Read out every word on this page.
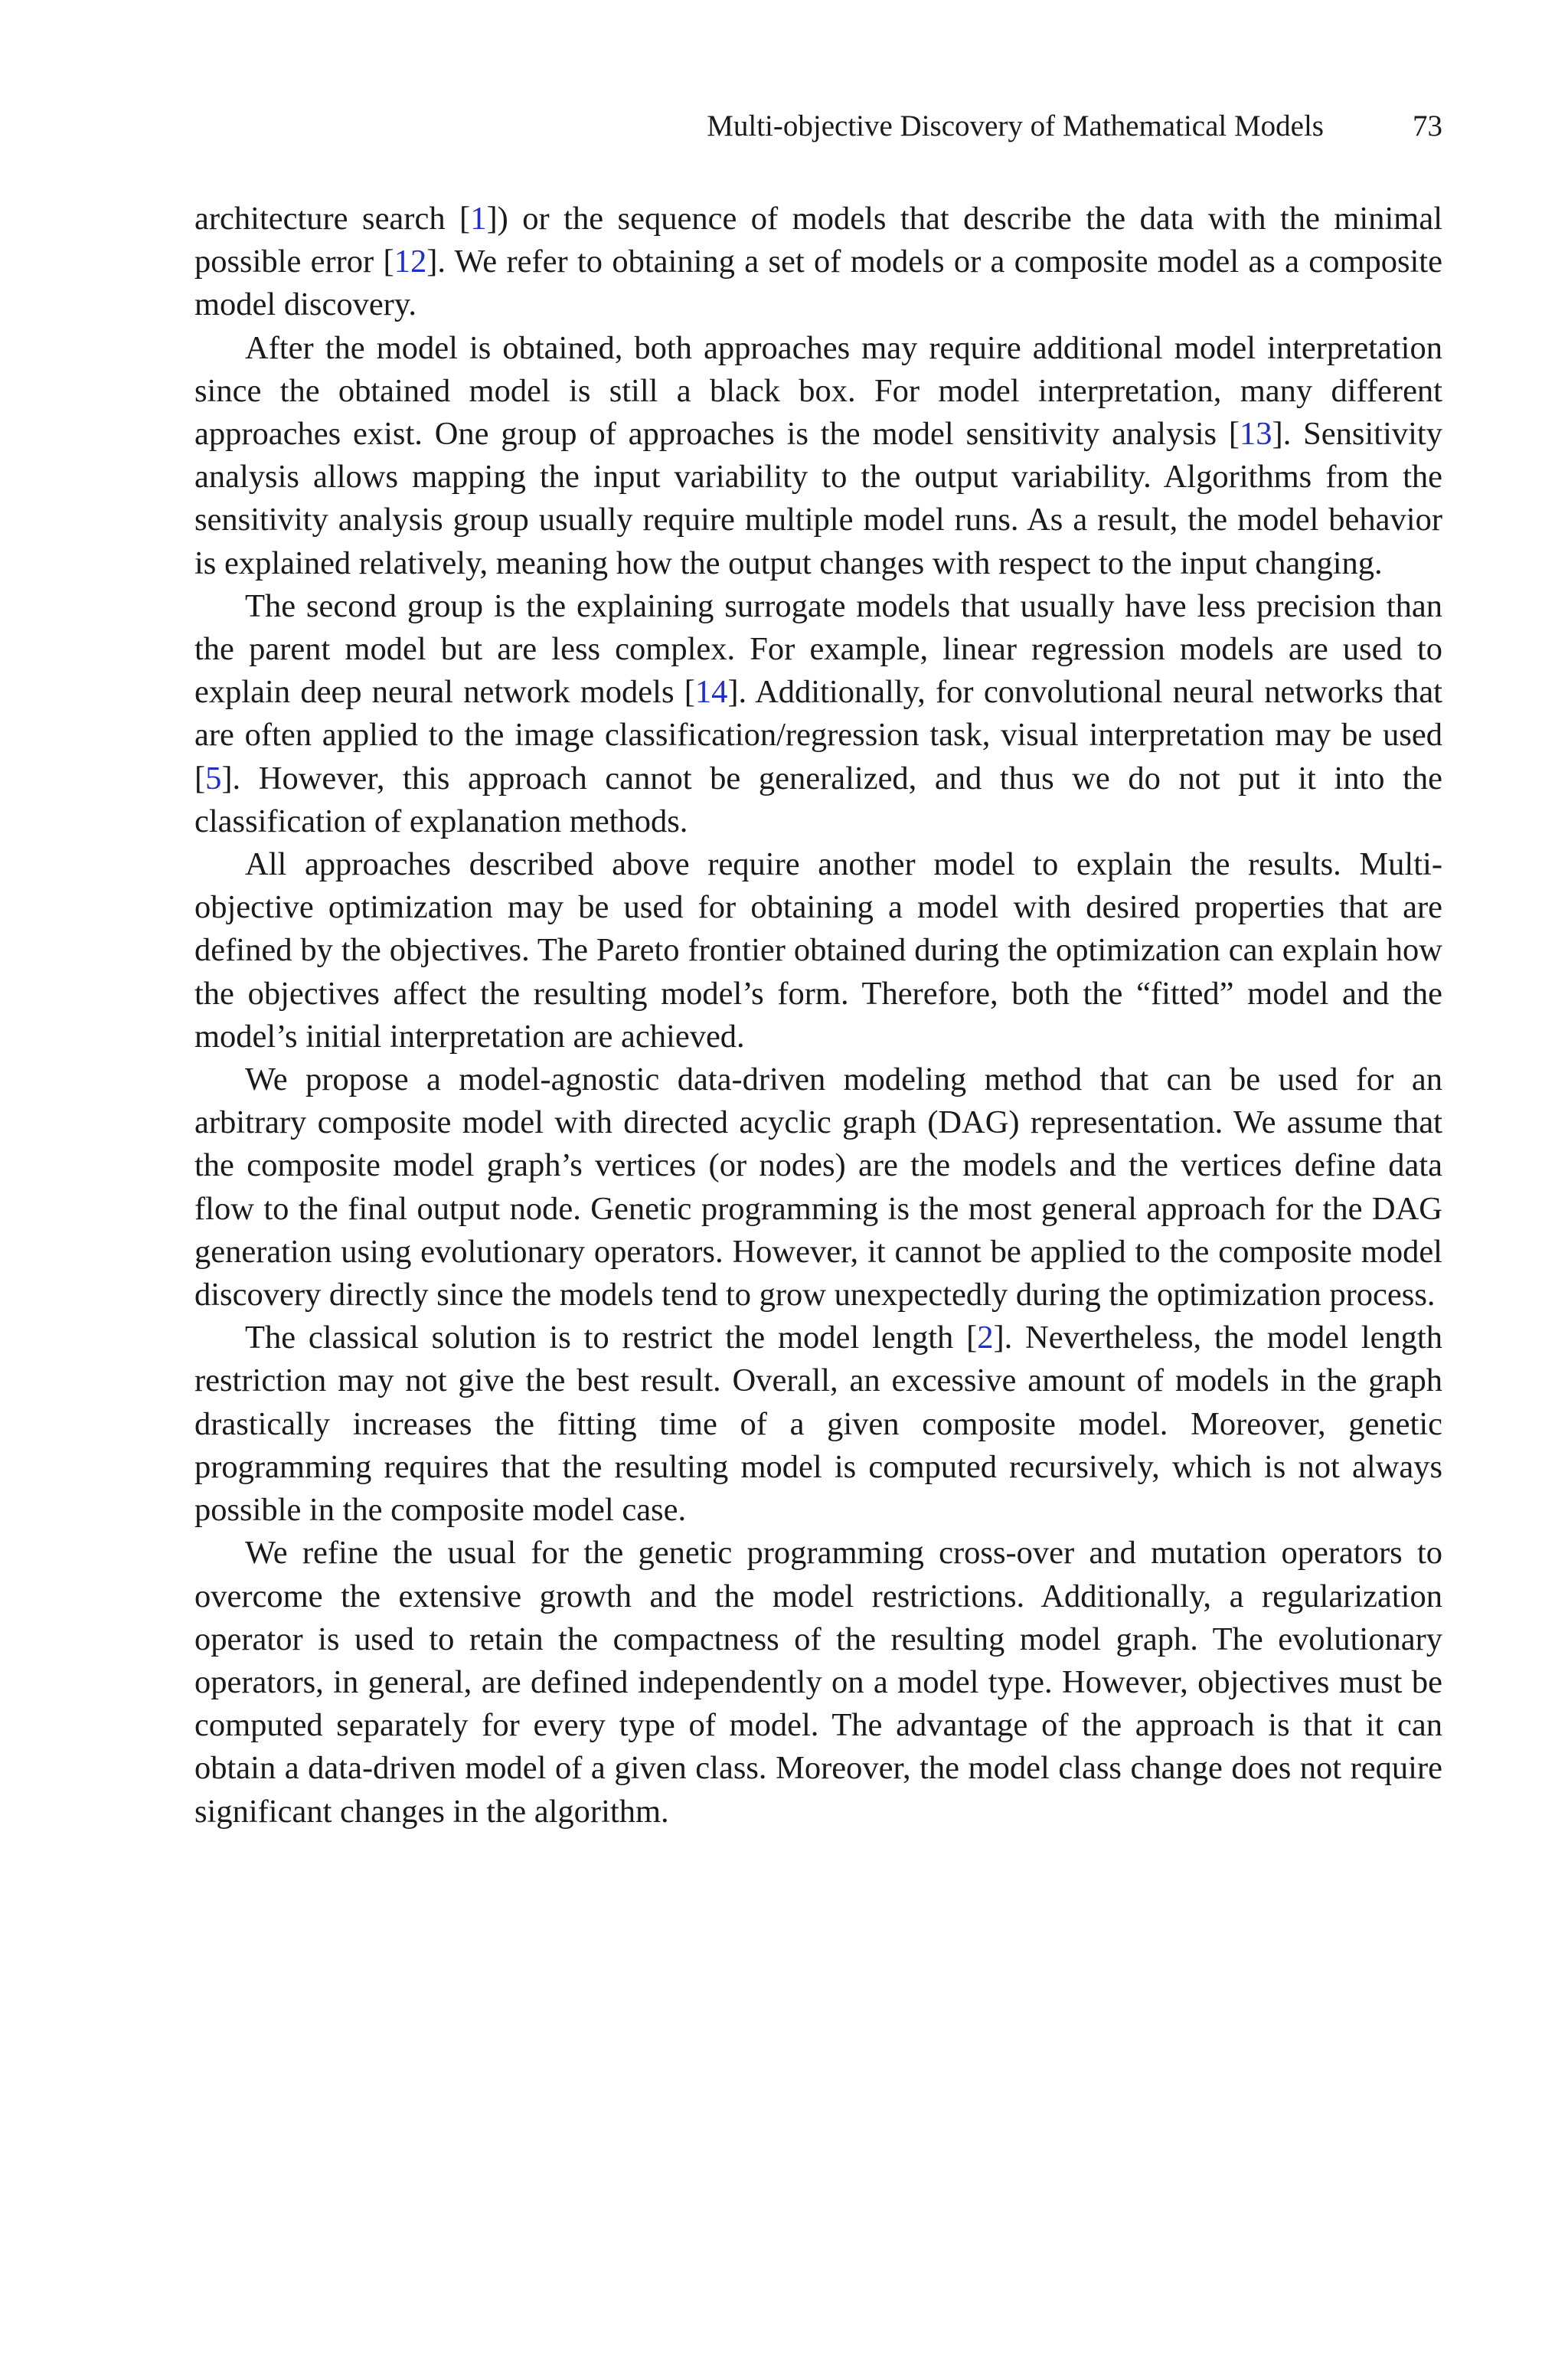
Multi-objective Discovery of Mathematical Models	73

architecture search [1]) or the sequence of models that describe the data with the minimal possible error [12]. We refer to obtaining a set of models or a composite model as a composite model discovery.

After the model is obtained, both approaches may require additional model interpretation since the obtained model is still a black box. For model interpretation, many different approaches exist. One group of approaches is the model sensitivity analysis [13]. Sensitivity analysis allows mapping the input variability to the output variability. Algorithms from the sensitivity analysis group usually require multiple model runs. As a result, the model behavior is explained relatively, meaning how the output changes with respect to the input changing.

The second group is the explaining surrogate models that usually have less precision than the parent model but are less complex. For example, linear regression models are used to explain deep neural network models [14]. Additionally, for convolutional neural networks that are often applied to the image classification/regression task, visual interpretation may be used [5]. However, this approach cannot be generalized, and thus we do not put it into the classification of explanation methods.

All approaches described above require another model to explain the results. Multi-objective optimization may be used for obtaining a model with desired properties that are defined by the objectives. The Pareto frontier obtained during the optimization can explain how the objectives affect the resulting model’s form. Therefore, both the “fitted” model and the model’s initial interpretation are achieved.

We propose a model-agnostic data-driven modeling method that can be used for an arbitrary composite model with directed acyclic graph (DAG) representation. We assume that the composite model graph’s vertices (or nodes) are the models and the vertices define data flow to the final output node. Genetic programming is the most general approach for the DAG generation using evolutionary operators. However, it cannot be applied to the composite model discovery directly since the models tend to grow unexpectedly during the optimization process.

The classical solution is to restrict the model length [2]. Nevertheless, the model length restriction may not give the best result. Overall, an excessive amount of models in the graph drastically increases the fitting time of a given composite model. Moreover, genetic programming requires that the resulting model is computed recursively, which is not always possible in the composite model case.

We refine the usual for the genetic programming cross-over and mutation operators to overcome the extensive growth and the model restrictions. Additionally, a regularization operator is used to retain the compactness of the resulting model graph. The evolutionary operators, in general, are defined independently on a model type. However, objectives must be computed separately for every type of model. The advantage of the approach is that it can obtain a data-driven model of a given class. Moreover, the model class change does not require significant changes in the algorithm.
